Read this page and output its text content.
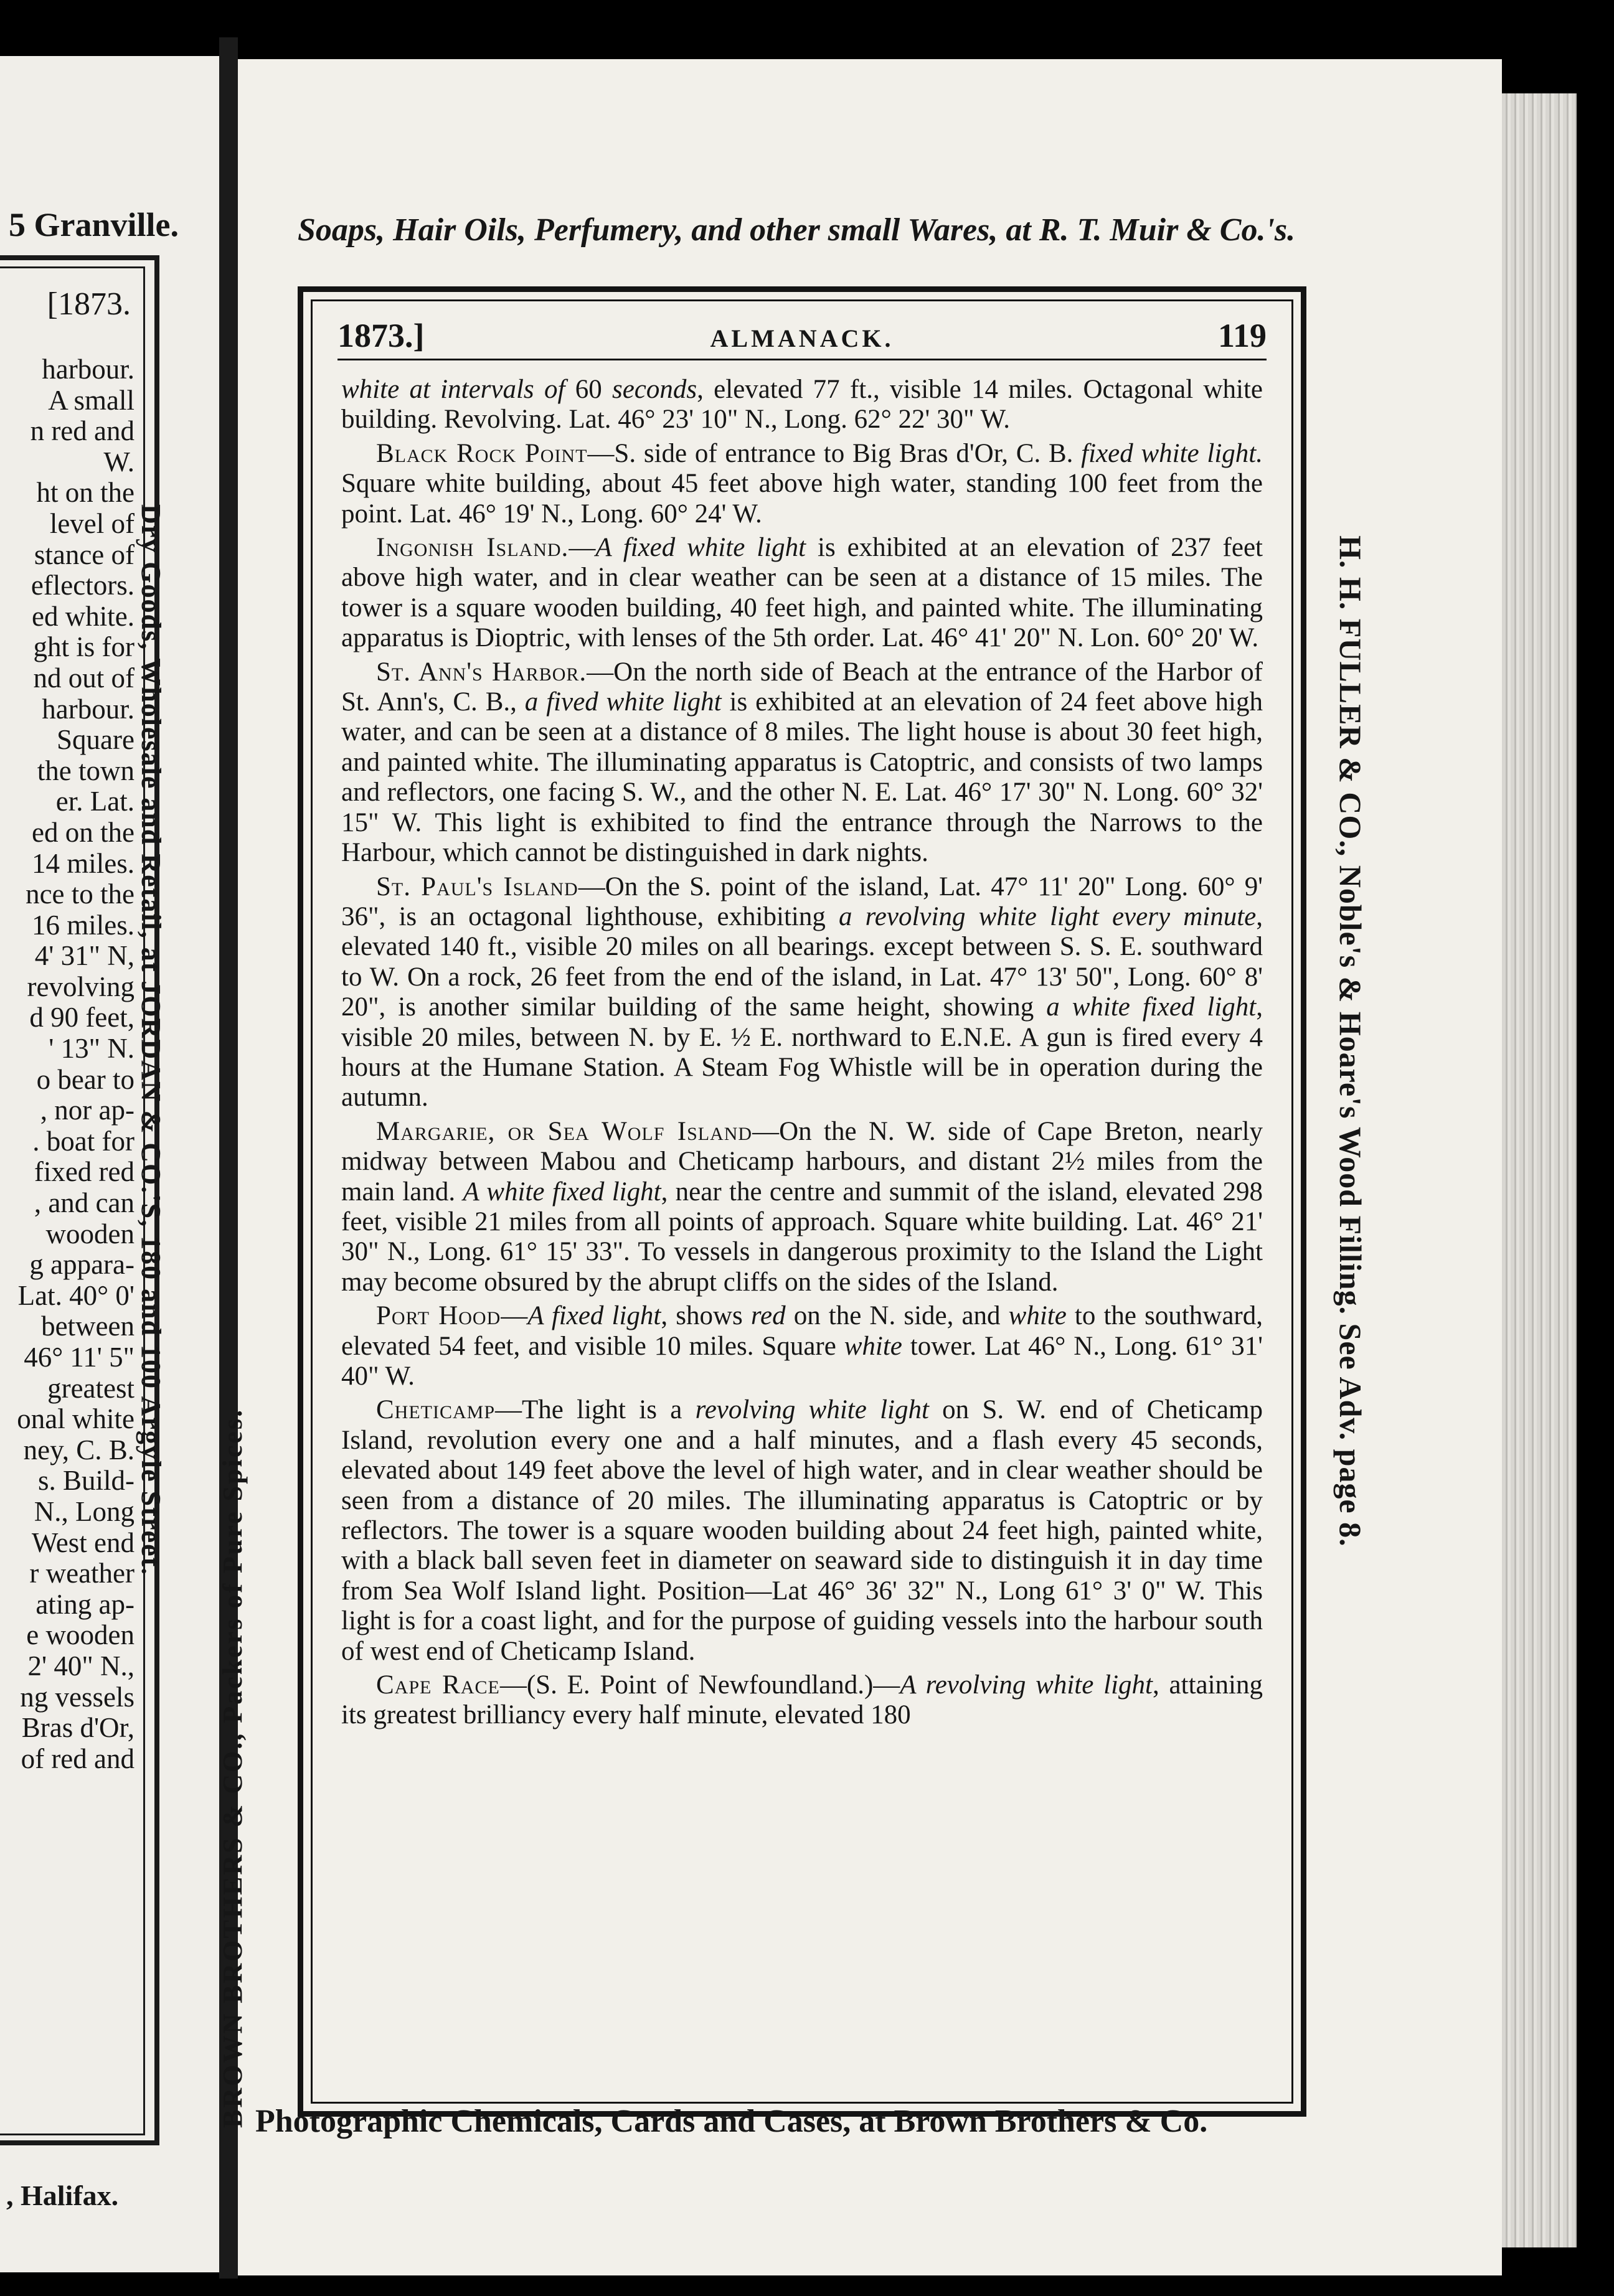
5 Granville.
[1873.
harbour.
A small
n red and
W.
ht on the
level of
stance of
eflectors.
ed white.
ght is for
nd out of
harbour.
Square
the town
er. Lat.
ed on the
14 miles.
nce to the
16 miles.
4' 31" N,
revolving
d 90 feet,
' 13" N.
o bear to
, nor ap-
. boat for
fixed red
, and can
wooden
g appara-
Lat. 40° 0'
between
46° 11' 5"
greatest
onal white
ney, C. B.
s. Build-
N., Long
West end
r weather
ating ap-
e wooden
2' 40" N.,
ng vessels
Bras d'Or,
of red and
, Halifax.
Dry Goods, Wholesale and Retail, at JORDAN & CO.'S, 180 and 100 Argyle Street.
Soaps, Hair Oils, Perfumery, and other small Wares, at R. T. Muir & Co.'s.
BROWN BROTHERS & CO., Packers of Pure Spices.
H. H. FULLER & CO., Noble's & Hoare's Wood Filling. See Adv. page 8.
1873.]	ALMANACK.	119

white at intervals of 60 seconds, elevated 77 ft., visible 14 miles. Octagonal white building. Revolving. Lat. 46° 23' 10" N., Long. 62° 22' 30" W.

Black Rock Point—S. side of entrance to Big Bras d'Or, C. B. fixed white light. Square white building, about 45 feet above high water, standing 100 feet from the point. Lat. 46° 19' N., Long. 60° 24' W.

Ingonish Island.—A fixed white light is exhibited at an elevation of 237 feet above high water, and in clear weather can be seen at a distance of 15 miles. The tower is a square wooden building, 40 feet high, and painted white. The illuminating apparatus is Dioptric, with lenses of the 5th order. Lat. 46° 41' 20" N. Lon. 60° 20' W.

St. Ann's Harbor.—On the north side of Beach at the entrance of the Harbor of St. Ann's, C. B., a fived white light is exhibited at an elevation of 24 feet above high water, and can be seen at a distance of 8 miles. The light house is about 30 feet high, and painted white. The illuminating apparatus is Catoptric, and consists of two lamps and reflectors, one facing S. W., and the other N. E. Lat. 46° 17' 30" N. Long. 60° 32' 15" W. This light is exhibited to find the entrance through the Narrows to the Harbour, which cannot be distinguished in dark nights.

St. Paul's Island—On the S. point of the island, Lat. 47° 11' 20" Long. 60° 9' 36", is an octagonal lighthouse, exhibiting a revolving white light every minute, elevated 140 ft., visible 20 miles on all bearings. except between S. S. E. southward to W. On a rock, 26 feet from the end of the island, in Lat. 47° 13' 50", Long. 60° 8' 20", is another similar building of the same height, showing a white fixed light, visible 20 miles, between N. by E. ½ E. northward to E.N.E. A gun is fired every 4 hours at the Humane Station. A Steam Fog Whistle will be in operation during the autumn.

Margarie, or Sea Wolf Island—On the N. W. side of Cape Breton, nearly midway between Mabou and Cheticamp harbours, and distant 2½ miles from the main land. A white fixed light, near the centre and summit of the island, elevated 298 feet, visible 21 miles from all points of approach. Square white building. Lat. 46° 21' 30" N., Long. 61° 15' 33". To vessels in dangerous proximity to the Island the Light may become obsured by the abrupt cliffs on the sides of the Island.

Port Hood—A fixed light, shows red on the N. side, and white to the southward, elevated 54 feet, and visible 10 miles. Square white tower. Lat 46° N., Long. 61° 31' 40" W.

Cheticamp—The light is a revolving white light on S. W. end of Cheticamp Island, revolution every one and a half minutes, and a flash every 45 seconds, elevated about 149 feet above the level of high water, and in clear weather should be seen from a distance of 20 miles. The illuminating apparatus is Catoptric or by reflectors. The tower is a square wooden building about 24 feet high, painted white, with a black ball seven feet in diameter on seaward side to distinguish it in day time from Sea Wolf Island light. Position—Lat 46° 36' 32" N., Long 61° 3' 0" W. This light is for a coast light, and for the purpose of guiding vessels into the harbour south of west end of Cheticamp Island.

Cape Race—(S. E. Point of Newfoundland.)—A revolving white light, attaining its greatest brilliancy every half minute, elevated 180

Photographic Chemicals, Cards and Cases, at Brown Brothers & Co.
